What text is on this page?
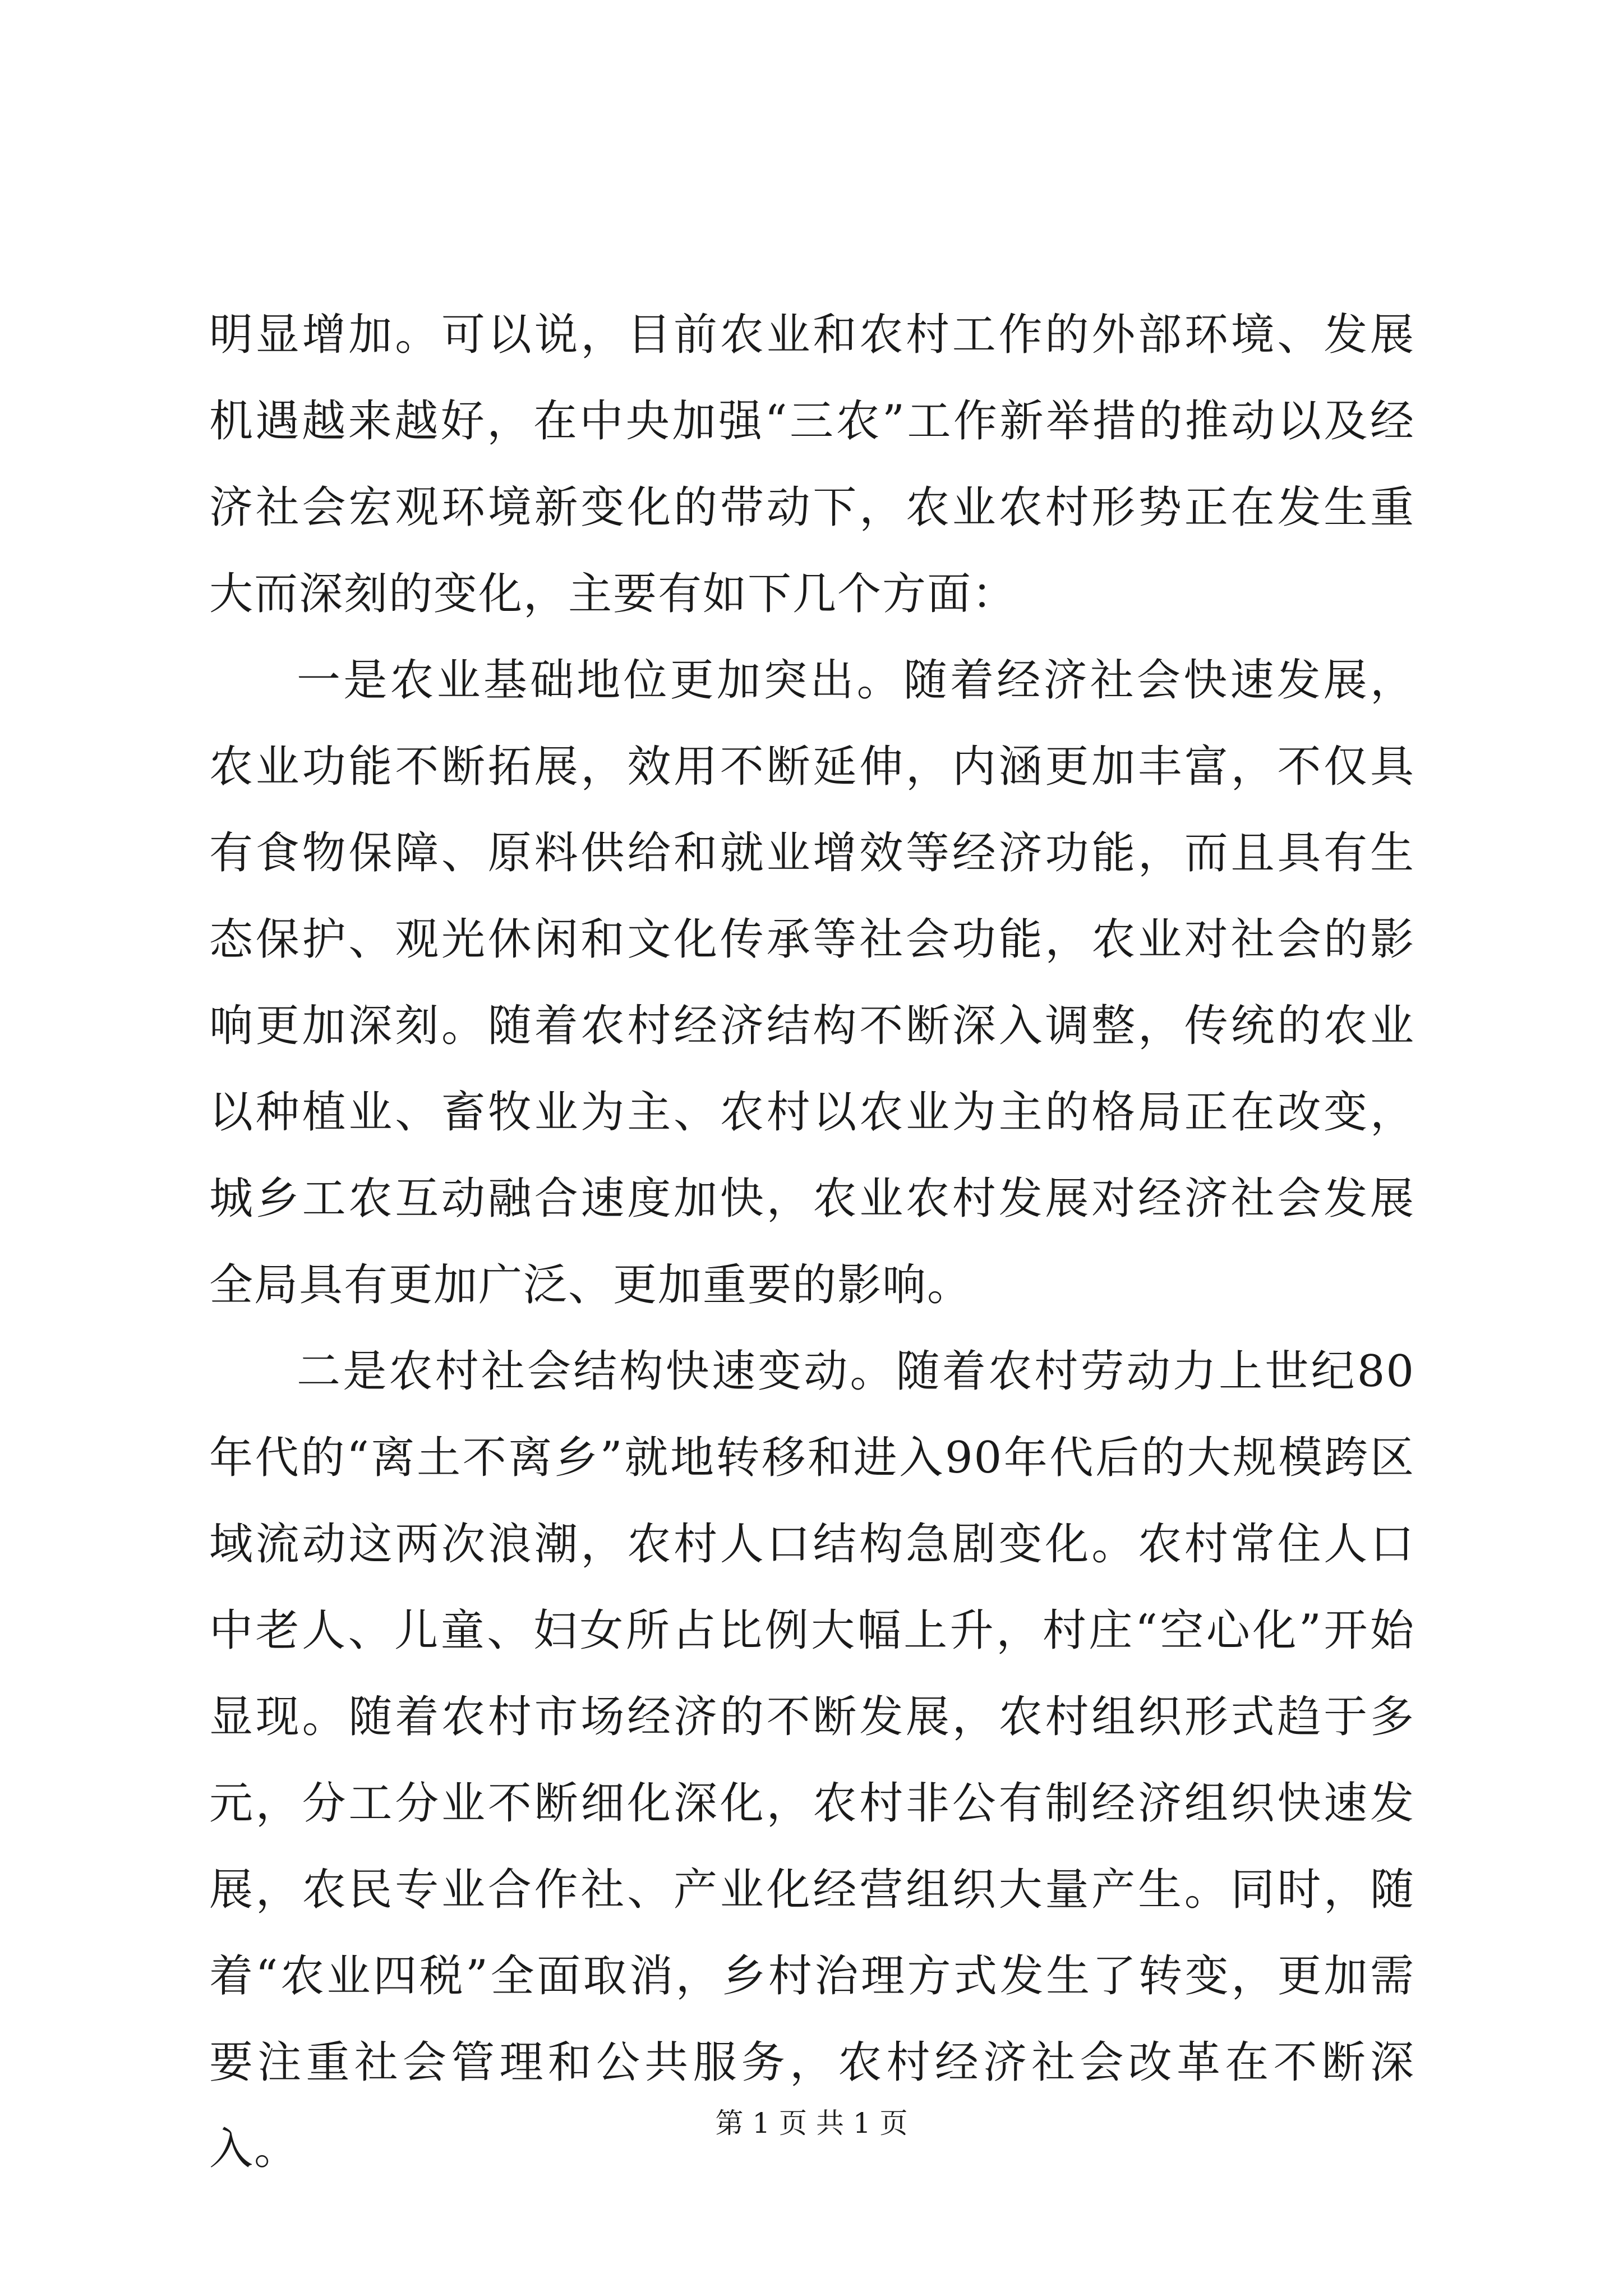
明显增加。可以说，目前农业和农村工作的外部环境、发展机遇越来越好，在中央加强“三农”工作新举措的推动以及经济社会宏观环境新变化的带动下，农业农村形势正在发生重大而深刻的变化，主要有如下几个方面：

一是农业基础地位更加突出。随着经济社会快速发展，农业功能不断拓展，效用不断延伸，内涵更加丰富，不仅具有食物保障、原料供给和就业增效等经济功能，而且具有生态保护、观光休闲和文化传承等社会功能，农业对社会的影响更加深刻。随着农村经济结构不断深入调整，传统的农业以种植业、畜牧业为主、农村以农业为主的格局正在改变，城乡工农互动融合速度加快，农业农村发展对经济社会发展全局具有更加广泛、更加重要的影响。

二是农村社会结构快速变动。随着农村劳动力上世纪80年代的“离土不离乡”就地转移和进入90年代后的大规模跨区域流动这两次浪潮，农村人口结构急剧变化。农村常住人口中老人、儿童、妇女所占比例大幅上升，村庄“空心化”开始显现。随着农村市场经济的不断发展，农村组织形式趋于多元，分工分业不断细化深化，农村非公有制经济组织快速发展，农民专业合作社、产业化经营组织大量产生。同时，随着“农业四税”全面取消，乡村治理方式发生了转变，更加需要注重社会管理和公共服务，农村经济社会改革在不断深入。

第 1 页 共 1 页
